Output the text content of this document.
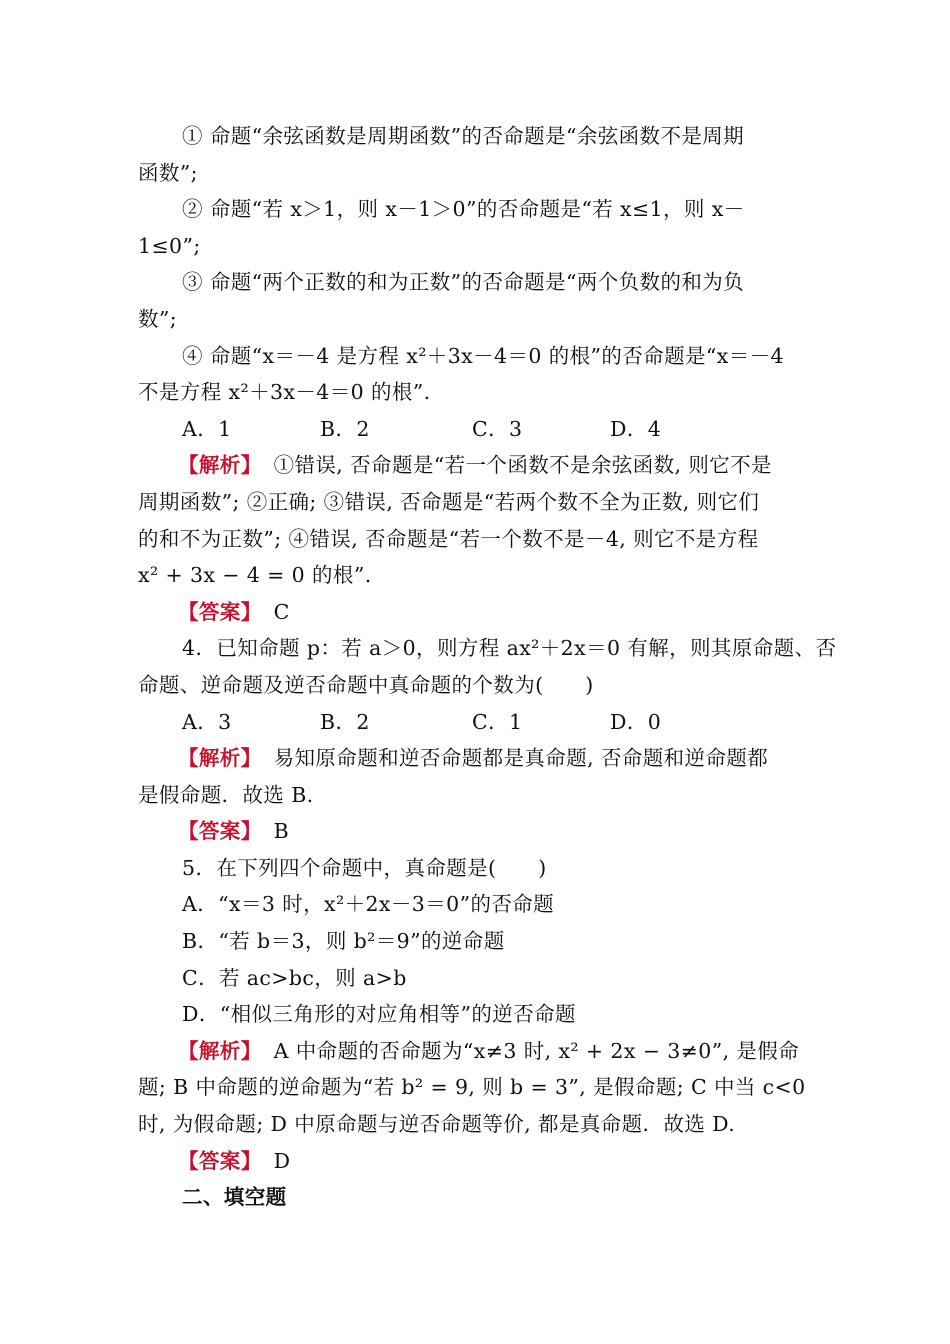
① 命题“余弦函数是周期函数”的否命题是“余弦函数不是周期
函数”;
② 命题“若 x＞1，则 x－1＞0”的否命题是“若 x≤1，则 x－
1≤0”;
③ 命题“两个正数的和为正数”的否命题是“两个负数的和为负
数”;
④ 命题“x＝－4 是方程 x²＋3x－4＝0 的根”的否命题是“x＝－4
不是方程 x²＋3x－4＝0 的根”.
A．1	B．2	C．3	D．4
【解析】 ①错误, 否命题是“若一个函数不是余弦函数, 则它不是
周期函数”; ②正确; ③错误, 否命题是“若两个数不全为正数, 则它们
的和不为正数”; ④错误, 否命题是“若一个数不是－4, 则它不是方程
x² + 3x − 4 = 0 的根”.
【答案】 C
4．已知命题 p：若 a＞0，则方程 ax²＋2x＝0 有解，则其原命题、否
命题、逆命题及逆否命题中真命题的个数为(　　)
A．3	B．2	C．1	D．0
【解析】 易知原命题和逆否命题都是真命题, 否命题和逆命题都
是假命题．故选 B.
【答案】 B
5．在下列四个命题中，真命题是(　　)
A．“x＝3 时，x²＋2x－3＝0”的否命题
B．“若 b＝3，则 b²＝9”的逆命题
C．若 ac>bc，则 a>b
D．“相似三角形的对应角相等”的逆否命题
【解析】 A 中命题的否命题为“x≠3 时, x² + 2x − 3≠0”, 是假命
题; B 中命题的逆命题为“若 b² = 9, 则 b = 3”, 是假命题; C 中当 c<0
时, 为假命题; D 中原命题与逆否命题等价, 都是真命题．故选 D.
【答案】 D
二、填空题
